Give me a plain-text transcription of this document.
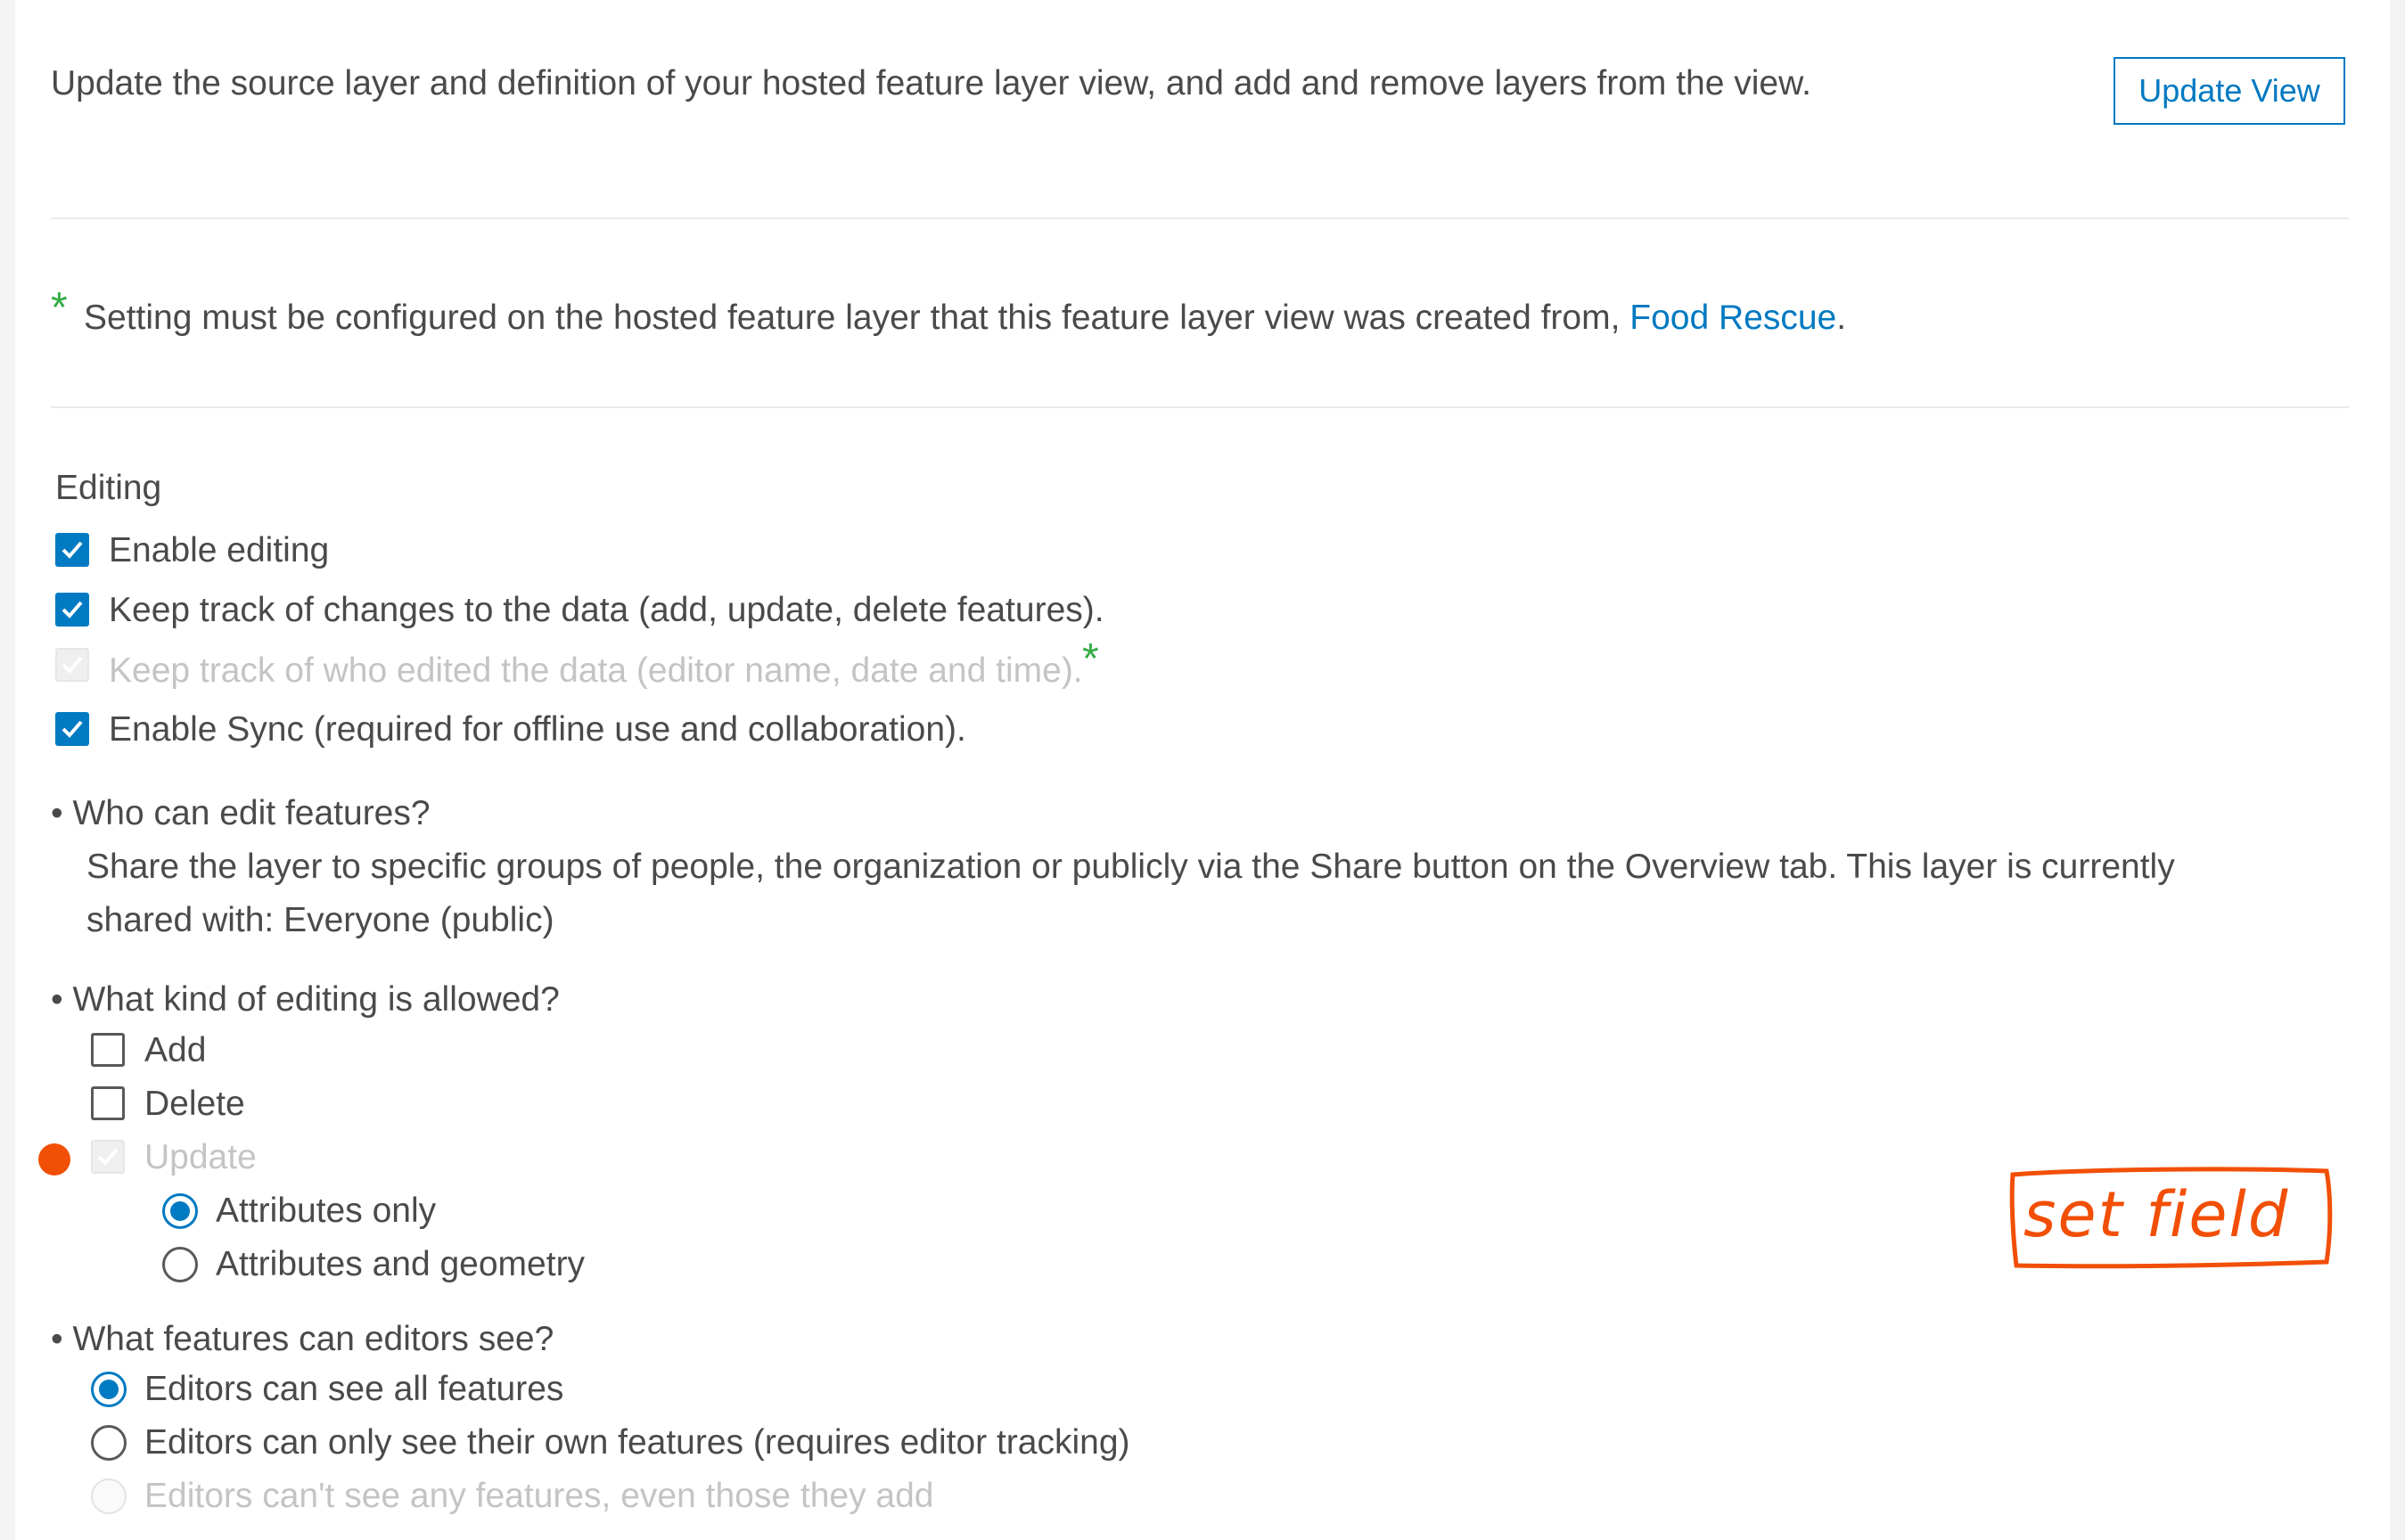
Update the source layer and definition of your hosted feature layer view, and add and remove layers from the view.	Update View
* Setting must be configured on the hosted feature layer that this feature layer view was created from, Food Rescue.
Editing
Enable editing
Keep track of changes to the data (add, update, delete features).
Keep track of who edited the data (editor name, date and time). *
Enable Sync (required for offline use and collaboration).
• Who can edit features?
Share the layer to specific groups of people, the organization or publicly via the Share button on the Overview tab. This layer is currently
shared with: Everyone (public)
• What kind of editing is allowed?
Add
Delete
Update
Attributes only
Attributes and geometry
set field
• What features can editors see?
Editors can see all features
Editors can only see their own features (requires editor tracking)
Editors can't see any features, even those they add
